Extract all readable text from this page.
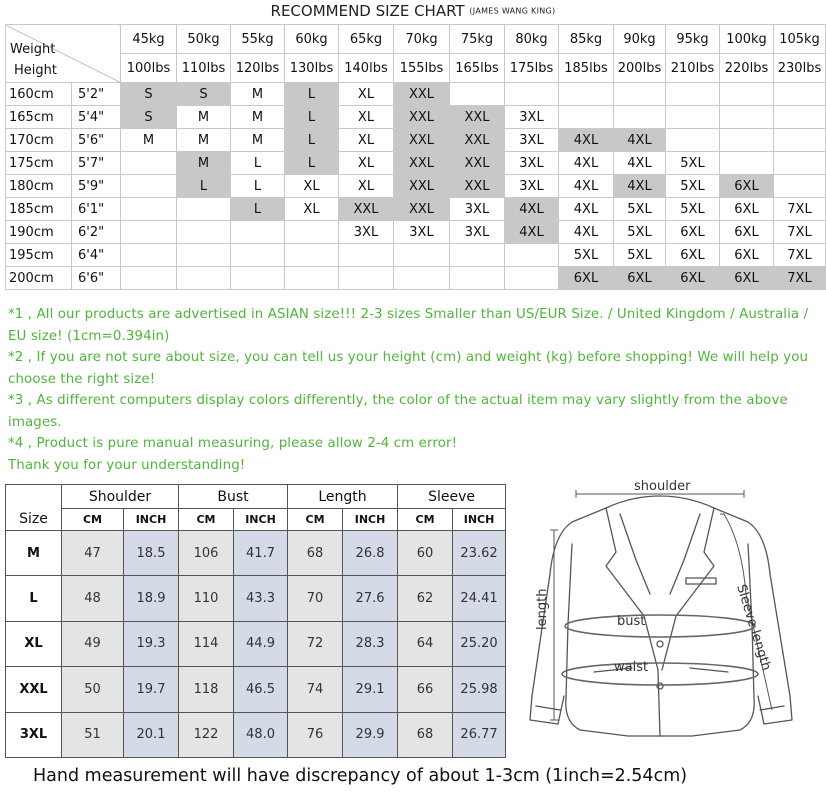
RECOMMEND SIZE CHART (JAMES WANG KING)
Weight
Height		45kg	50kg	55kg	60kg	65kg	70kg	75kg	80kg	85kg	90kg	95kg	100kg	105kg
		100lbs	110lbs	120lbs	130lbs	140lbs	155lbs	165lbs	175lbs	185lbs	200lbs	210lbs	220lbs	230lbs
160cm	5'2"	S	S	M	L	XL	XXL							
165cm	5'4"	S	M	M	L	XL	XXL	XXL	3XL					
170cm	5'6"	M	M	M	L	XL	XXL	XXL	3XL	4XL	4XL			
175cm	5'7"		M	L	L	XL	XXL	XXL	3XL	4XL	4XL	5XL		
180cm	5'9"		L	L	XL	XL	XXL	XXL	3XL	4XL	4XL	5XL	6XL	
185cm	6'1"			L	XL	XXL	XXL	3XL	4XL	4XL	5XL	5XL	6XL	7XL
190cm	6'2"					3XL	3XL	3XL	4XL	4XL	5XL	6XL	6XL	7XL
195cm	6'4"									5XL	5XL	6XL	6XL	7XL
200cm	6'6"									6XL	6XL	6XL	6XL	7XL

*1 , All our products are advertised in ASIAN size!!! 2-3 sizes Smaller than US/EUR Size. / United Kingdom / Australia / EU size! (1cm=0.394in)

*2 , If you are not sure about size, you can tell us your height (cm) and weight (kg) before shopping! We will help you choose the right size!

*3 , As different computers display colors differently, the color of the actual item may vary slightly from the above images.

*4 , Product is pure manual measuring, please allow 2-4 cm error!

Thank you for your understanding!

Size	Shoulder		Bust		Length		Sleeve	
	CM	INCH	CM	INCH	CM	INCH	CM	INCH
M	47	18.5	106	41.7	68	26.8	60	23.62
L	48	18.9	110	43.3	70	27.6	62	24.41
XL	49	19.3	114	44.9	72	28.3	64	25.20
XXL	50	19.7	118	46.5	74	29.1	66	25.98
3XL	51	20.1	122	48.0	76	29.9	68	26.77
shoulder
length	bust
waist	Sleeve length
Hand measurement will have discrepancy of about 1-3cm (1inch=2.54cm)
